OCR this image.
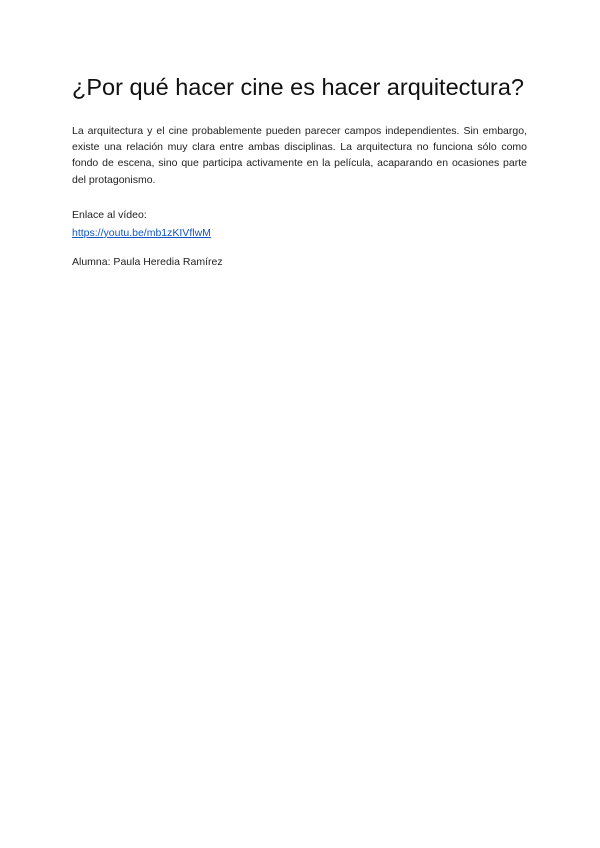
¿Por qué hacer cine es hacer arquitectura?

La arquitectura y el cine probablemente pueden parecer campos independientes. Sin embargo, existe una relación muy clara entre ambas disciplinas. La arquitectura no funciona sólo como fondo de escena, sino que participa activamente en la película, acaparando en ocasiones parte del protagonismo.

Enlace al vídeo:
https://youtu.be/mb1zKIVflwM
Alumna: Paula Heredia Ramírez
